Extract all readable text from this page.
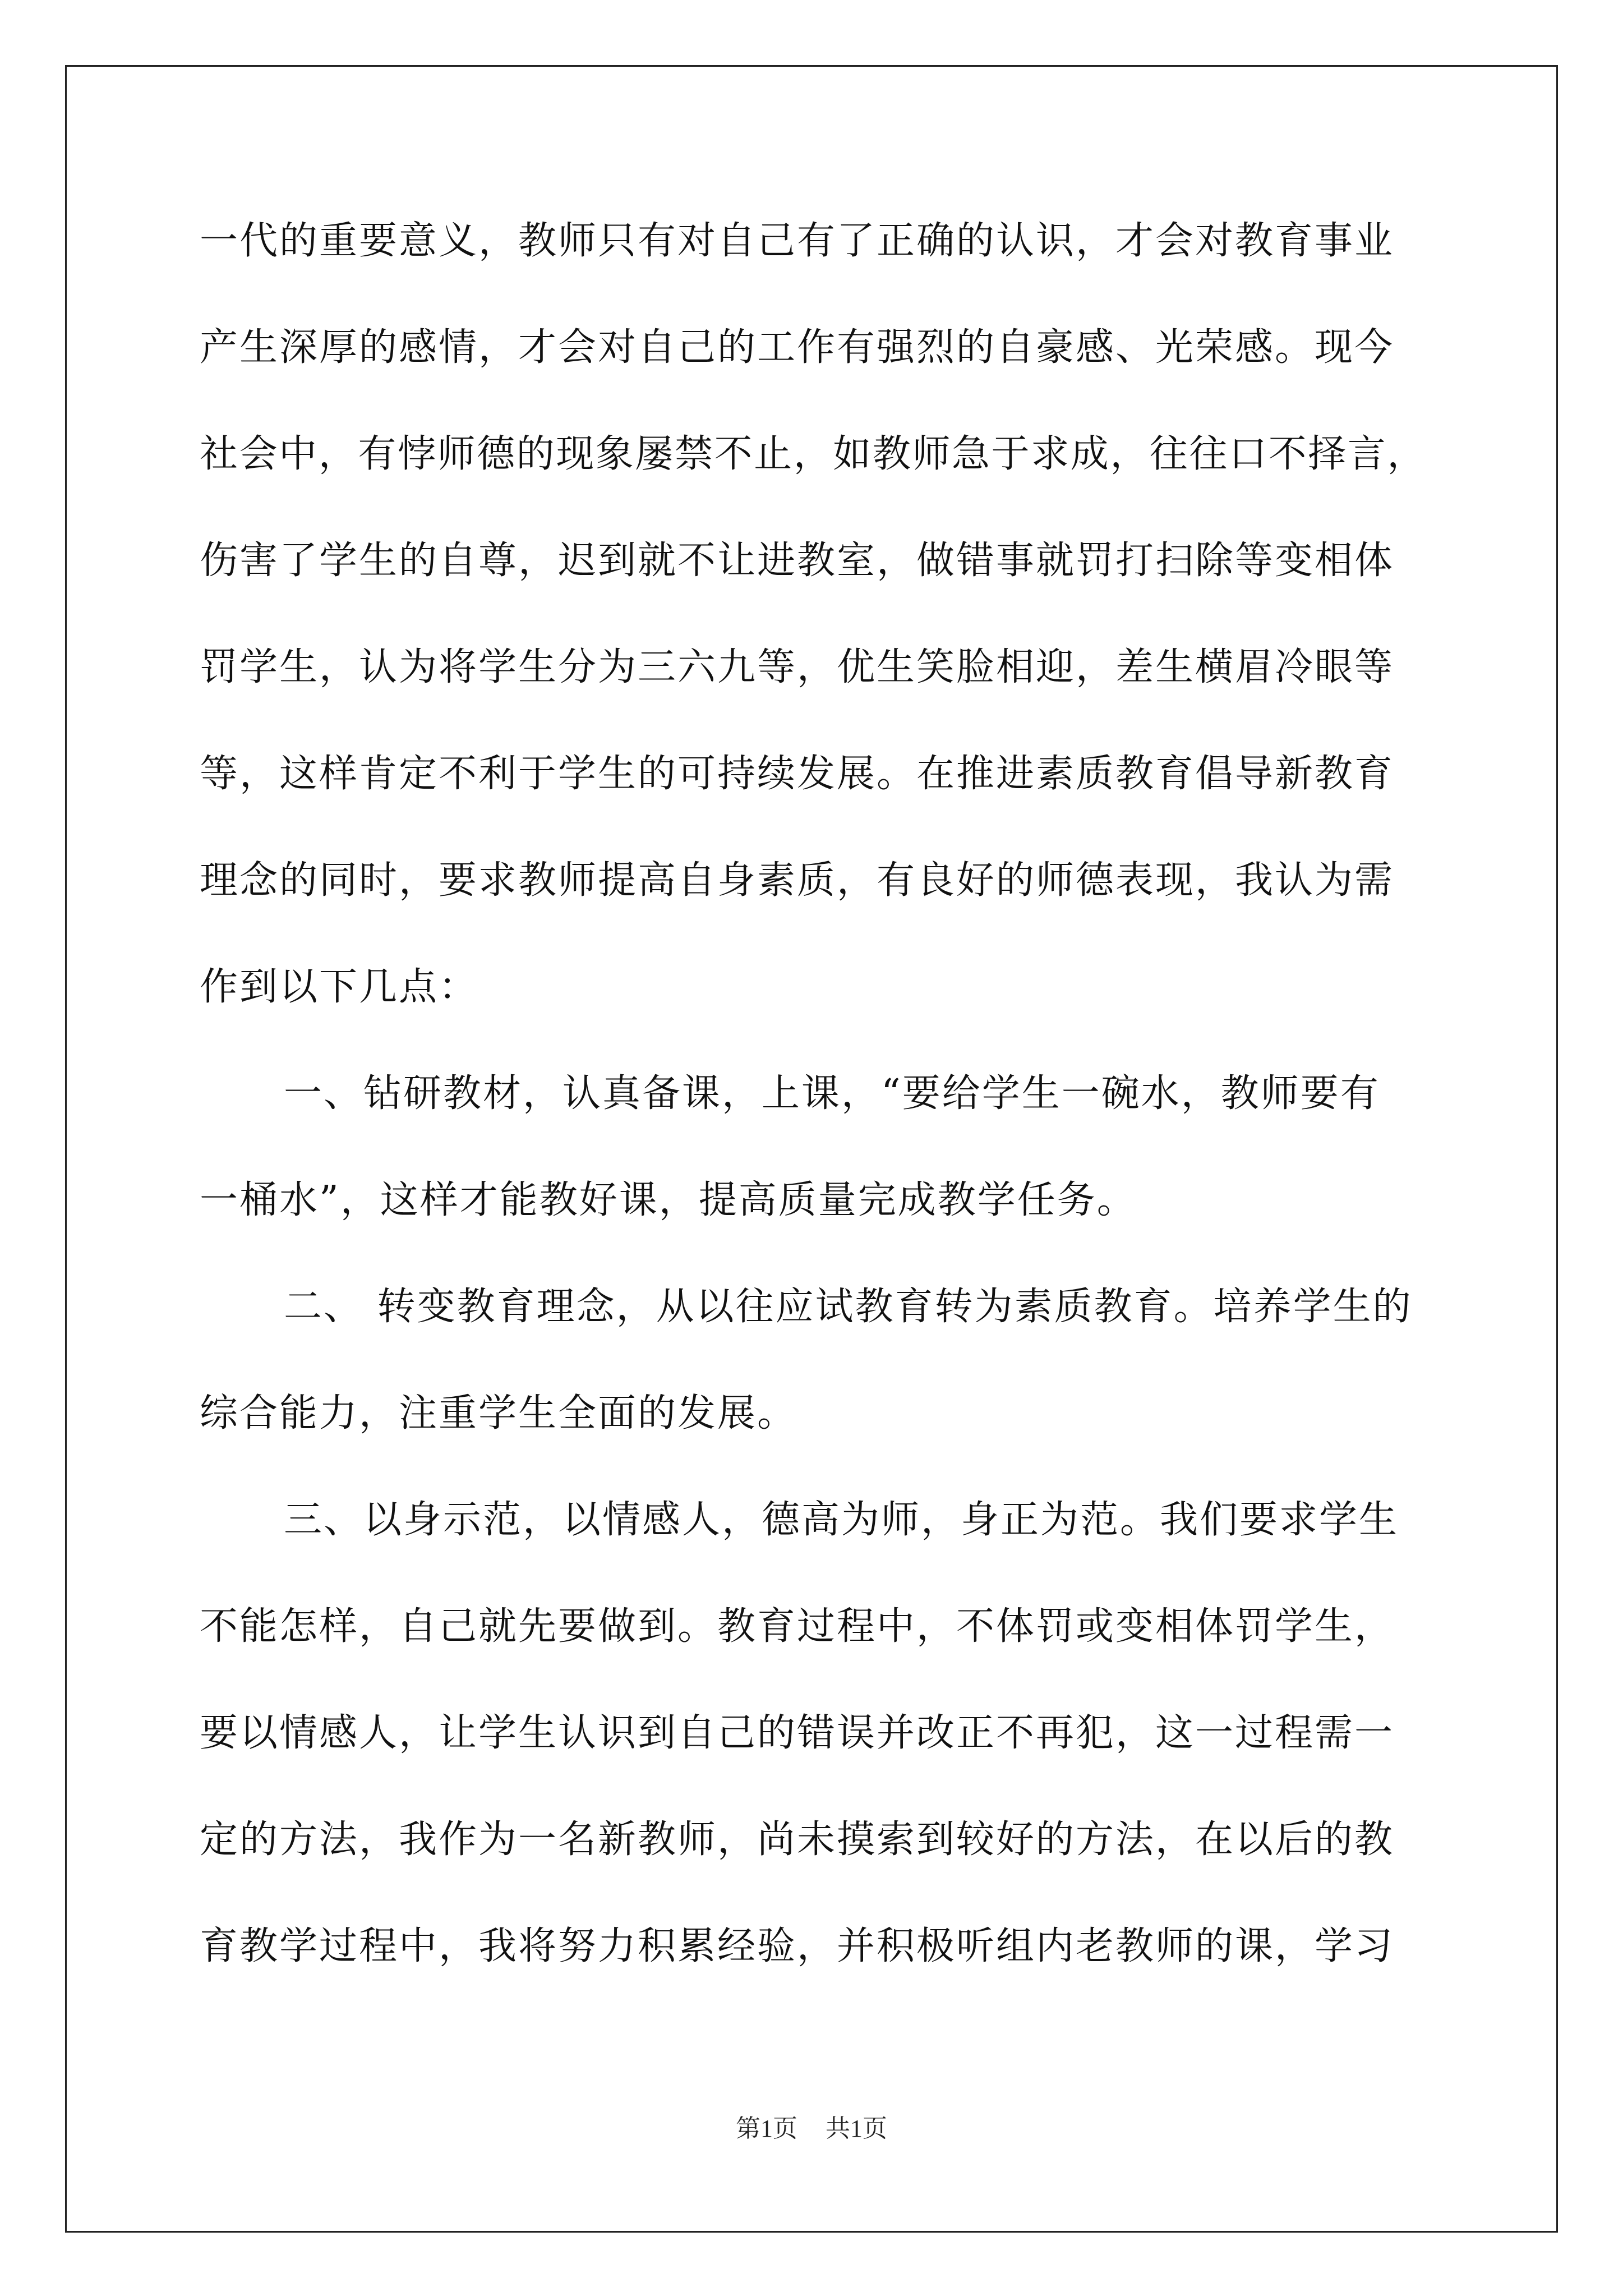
一代的重要意义，教师只有对自己有了正确的认识，才会对教育事业
产生深厚的感情，才会对自己的工作有强烈的自豪感、光荣感。现今
社会中，有悖师德的现象屡禁不止，如教师急于求成，往往口不择言，
伤害了学生的自尊，迟到就不让进教室，做错事就罚打扫除等变相体
罚学生，认为将学生分为三六九等，优生笑脸相迎，差生横眉冷眼等
等，这样肯定不利于学生的可持续发展。在推进素质教育倡导新教育
理念的同时，要求教师提高自身素质，有良好的师德表现，我认为需
作到以下几点：
一、钻研教材，认真备课，上课，“要给学生一碗水，教师要有
一桶水”，这样才能教好课，提高质量完成教学任务。
二、 转变教育理念，从以往应试教育转为素质教育。培养学生的
综合能力，注重学生全面的发展。
三、以身示范，以情感人，德高为师，身正为范。我们要求学生
不能怎样，自己就先要做到。教育过程中，不体罚或变相体罚学生，
要以情感人，让学生认识到自己的错误并改正不再犯，这一过程需一
定的方法，我作为一名新教师，尚未摸索到较好的方法，在以后的教
育教学过程中，我将努力积累经验，并积极听组内老教师的课，学习
第1页 共1页
